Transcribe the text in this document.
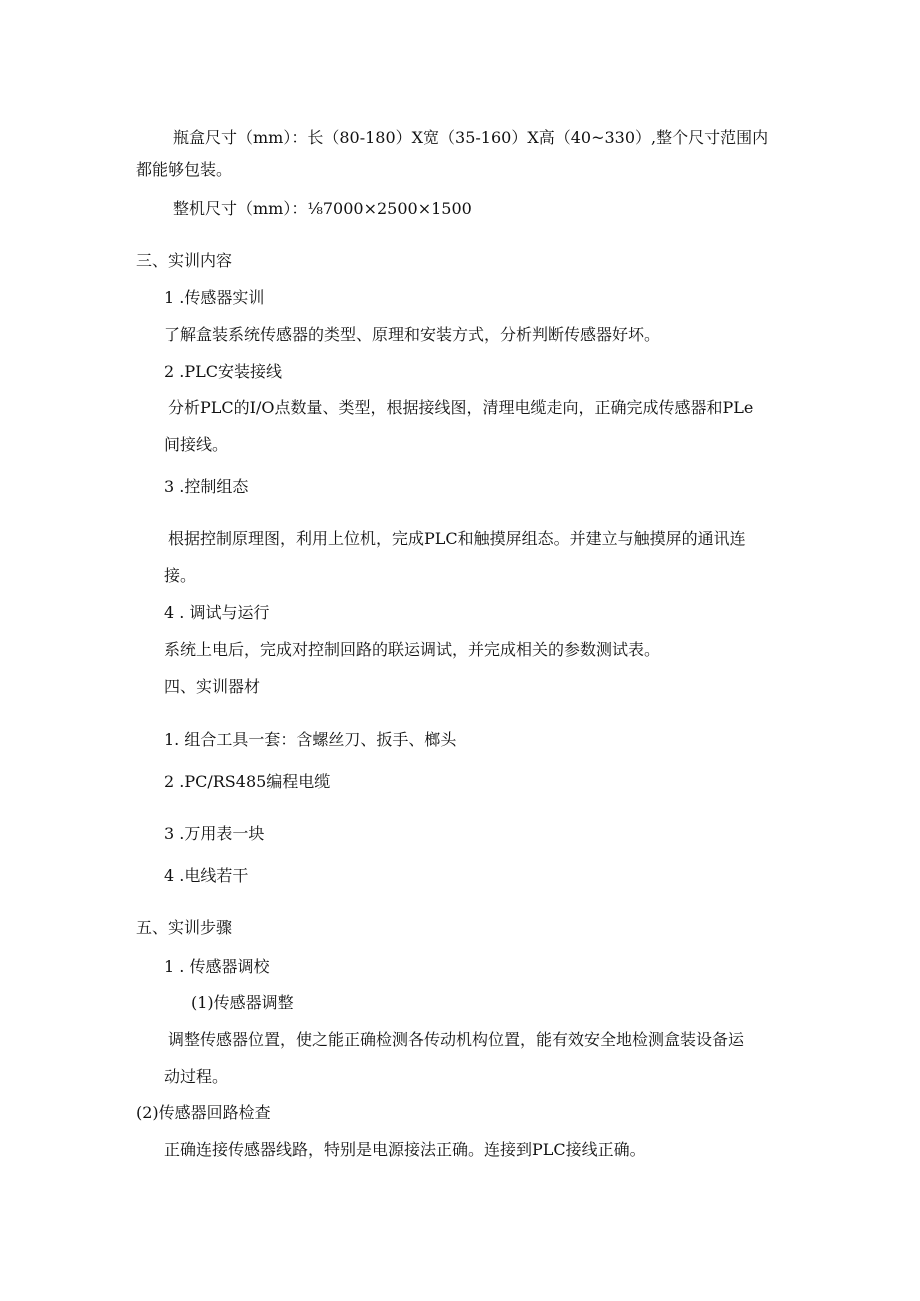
瓶盒尺寸（mm）：长（80-180）X宽（35-160）X高（40~330）,整个尺寸范围内
都能够包装。
整机尺寸（mm）：⅛7000×2500×1500
三、实训内容
1 .传感器实训
了解盒装系统传感器的类型、原理和安装方式，分析判断传感器好坏。
2 .PLC安装接线
分析PLC的I/O点数量、类型，根据接线图，清理电缆走向，正确完成传感器和PLe
间接线。
3 .控制组态
根据控制原理图，利用上位机，完成PLC和触摸屏组态。并建立与触摸屏的通讯连
接。
4 . 调试与运行
系统上电后，完成对控制回路的联运调试，并完成相关的参数测试表。
四、实训器材
1. 组合工具一套：含螺丝刀、扳手、榔头
2 .PC/RS485编程电缆
3 .万用表一块
4 .电线若干
五、实训步骤
1 . 传感器调校
(1)传感器调整
调整传感器位置，使之能正确检测各传动机构位置，能有效安全地检测盒装设备运
动过程。
(2)传感器回路检查
正确连接传感器线路，特别是电源接法正确。连接到PLC接线正确。
